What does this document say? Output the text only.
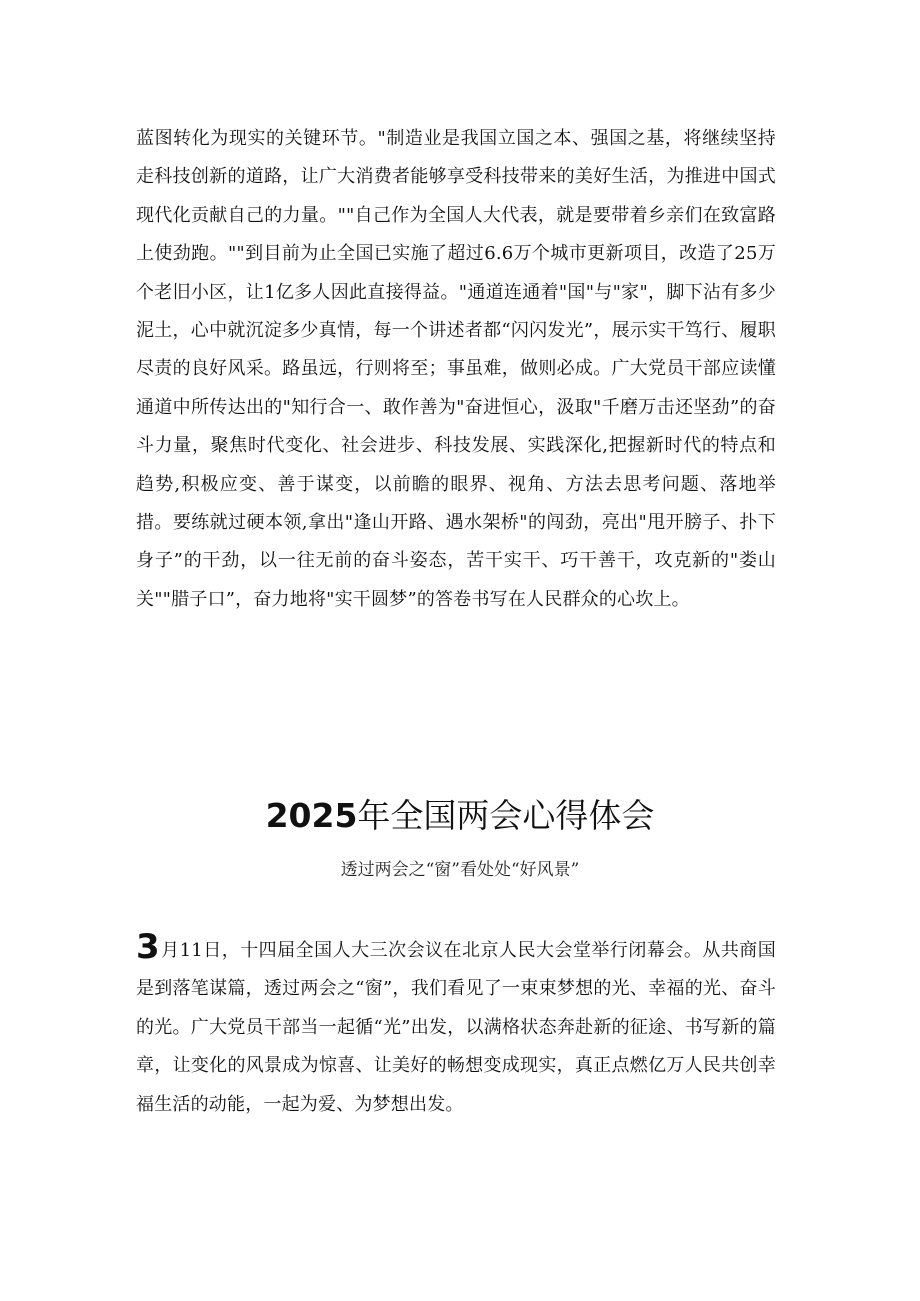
蓝图转化为现实的关键环节。"制造业是我国立国之本、强国之基，将继续坚持走科技创新的道路，让广大消费者能够享受科技带来的美好生活，为推进中国式现代化贡献自己的力量。""自己作为全国人大代表，就是要带着乡亲们在致富路上使劲跑。""到目前为止全国已实施了超过6.6万个城市更新项目，改造了25万个老旧小区，让1亿多人因此直接得益。"通道连通着"国"与"家"，脚下沾有多少泥土，心中就沉淀多少真情，每一个讲述者都“闪闪发光”，展示实干笃行、履职尽责的良好风采。路虽远，行则将至；事虽难，做则必成。广大党员干部应读懂通道中所传达出的"知行合一、敢作善为"奋进恒心，汲取"千磨万击还坚劲”的奋斗力量，聚焦时代变化、社会进步、科技发展、实践深化,把握新时代的特点和趋势,积极应变、善于谋变，以前瞻的眼界、视角、方法去思考问题、落地举措。要练就过硬本领,拿出"逢山开路、遇水架桥"的闯劲，亮出"甩开膀子、扑下身子”的干劲，以一往无前的奋斗姿态，苦干实干、巧干善干，攻克新的"娄山关""腊子口”，奋力地将"实干圆梦”的答卷书写在人民群众的心坎上。

2025年全国两会心得体会

透过两会之“窗”看处处“好风景”

3月11日，十四届全国人大三次会议在北京人民大会堂举行闭幕会。从共商国是到落笔谋篇，透过两会之“窗”，我们看见了一束束梦想的光、幸福的光、奋斗的光。广大党员干部当一起循“光”出发，以满格状态奔赴新的征途、书写新的篇章，让变化的风景成为惊喜、让美好的畅想变成现实，真正点燃亿万人民共创幸福生活的动能，一起为爱、为梦想出发。
